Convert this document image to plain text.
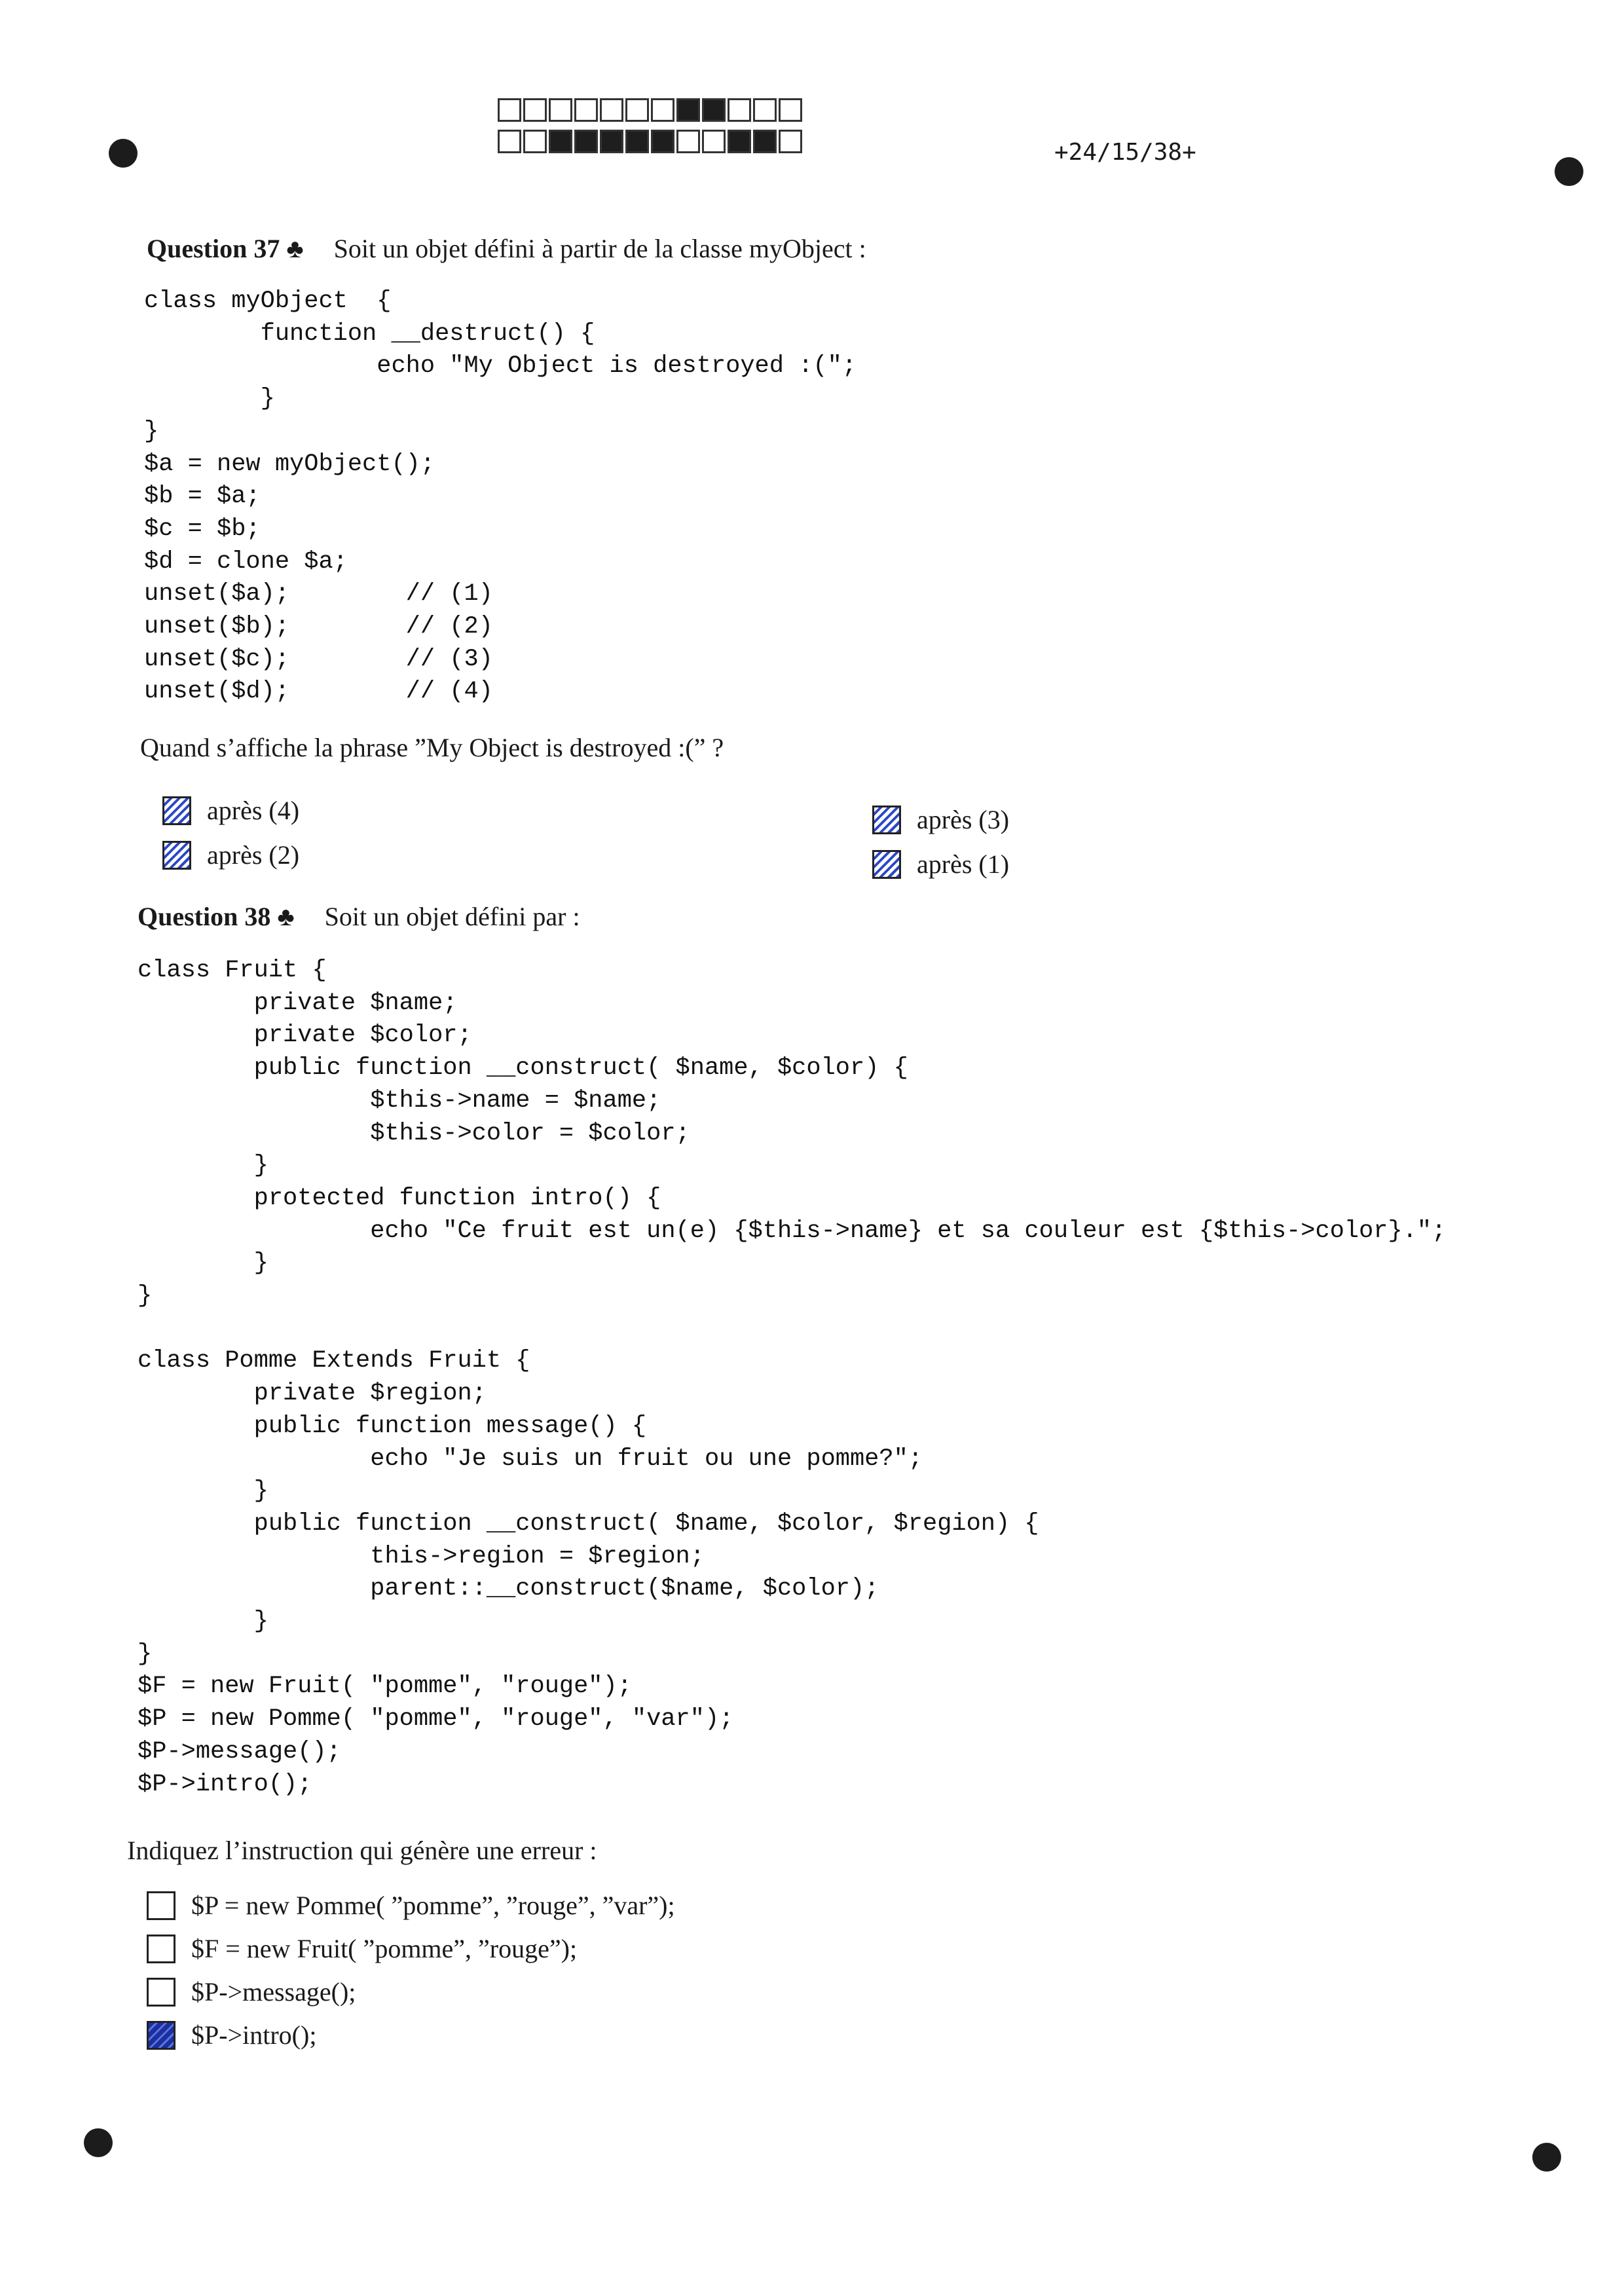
+24/15/38+
Question 37 ♣ Soit un objet défini à partir de la classe myObject :
class myObject  {
function __destruct() {
echo "My Object is destroyed :(";
}
}
$a = new myObject();
$b = $a;
$c = $b;
$d = clone $a;
unset($a);        // (1)
unset($b);        // (2)
unset($c);        // (3)
unset($d);        // (4)
Quand s’affiche la phrase ”My Object is destroyed :(” ?
après (4)
après (2)
après (3)
après (1)
Question 38 ♣ Soit un objet défini par :
class Fruit {
private $name;
private $color;
public function __construct( $name, $color) {
$this->name = $name;
$this->color = $color;
}
protected function intro() {
echo "Ce fruit est un(e) {$this->name} et sa couleur est {$this->color}.";
}
}

class Pomme Extends Fruit {
private $region;
public function message() {
echo "Je suis un fruit ou une pomme?";
}
public function __construct( $name, $color, $region) {
this->region = $region;
parent::__construct($name, $color);
}
}
$F = new Fruit( "pomme", "rouge");
$P = new Pomme( "pomme", "rouge", "var");
$P->message();
$P->intro();
Indiquez l’instruction qui génère une erreur :
$P = new Pomme( ”pomme”, ”rouge”, ”var”);
$F = new Fruit( ”pomme”, ”rouge”);
$P->message();
$P->intro();
